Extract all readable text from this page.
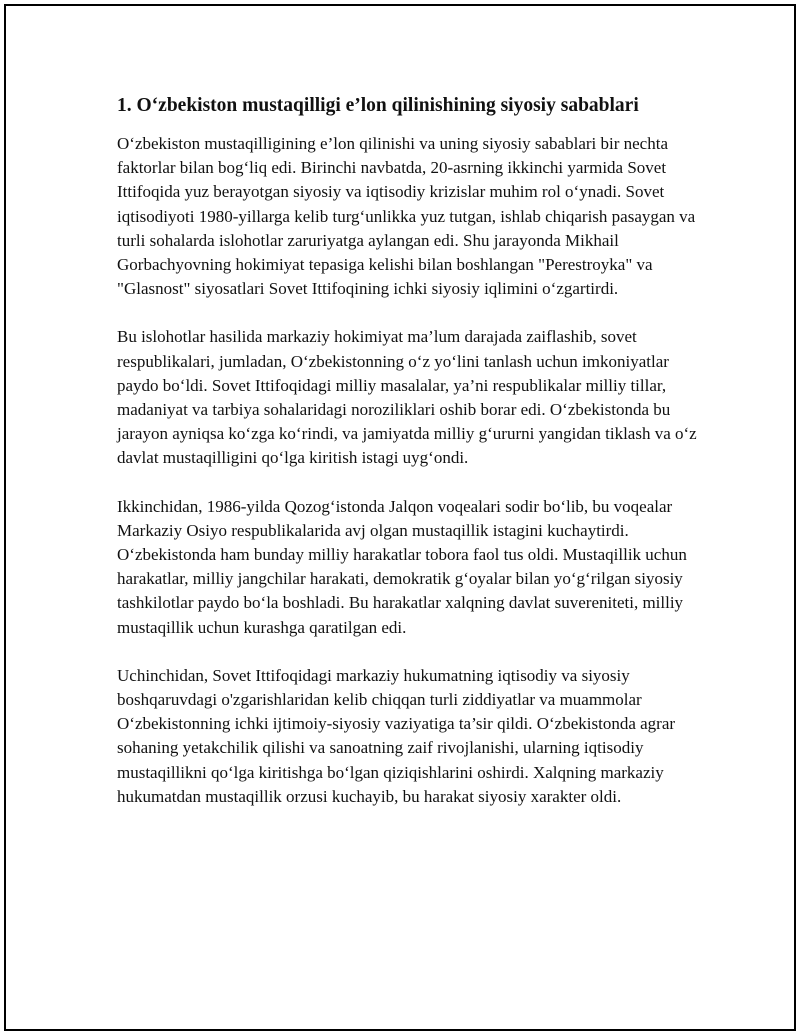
1. O‘zbekiston mustaqilligi e’lon qilinishining siyosiy sabablari

O‘zbekiston mustaqilligining e’lon qilinishi va uning siyosiy sabablari bir nechta faktorlar bilan bog‘liq edi. Birinchi navbatda, 20-asrning ikkinchi yarmida Sovet Ittifoqida yuz berayotgan siyosiy va iqtisodiy krizislar muhim rol o‘ynadi. Sovet iqtisodiyoti 1980-yillarga kelib turg‘unlikka yuz tutgan, ishlab chiqarish pasaygan va turli sohalarda islohotlar zaruriyatga aylangan edi. Shu jarayonda Mikhail Gorbachyovning hokimiyat tepasiga kelishi bilan boshlangan "Perestroyka" va "Glasnost" siyosatlari Sovet Ittifoqining ichki siyosiy iqlimini o‘zgartirdi.

Bu islohotlar hasilida markaziy hokimiyat ma’lum darajada zaiflashib, sovet respublikalari, jumladan, O‘zbekistonning o‘z yo‘lini tanlash uchun imkoniyatlar paydo bo‘ldi. Sovet Ittifoqidagi milliy masalalar, ya’ni respublikalar milliy tillar, madaniyat va tarbiya sohalaridagi noroziliklari oshib borar edi. O‘zbekistonda bu jarayon ayniqsa ko‘zga ko‘rindi, va jamiyatda milliy g‘ururni yangidan tiklash va o‘z davlat mustaqilligini qo‘lga kiritish istagi uyg‘ondi.

Ikkinchidan, 1986-yilda Qozog‘istonda Jalqon voqealari sodir bo‘lib, bu voqealar Markaziy Osiyo respublikalarida avj olgan mustaqillik istagini kuchaytirdi. O‘zbekistonda ham bunday milliy harakatlar tobora faol tus oldi. Mustaqillik uchun harakatlar, milliy jangchilar harakati, demokratik g‘oyalar bilan yo‘g‘rilgan siyosiy tashkilotlar paydo bo‘la boshladi. Bu harakatlar xalqning davlat suvereniteti, milliy mustaqillik uchun kurashga qaratilgan edi.

Uchinchidan, Sovet Ittifoqidagi markaziy hukumatning iqtisodiy va siyosiy boshqaruvdagi o'zgarishlaridan kelib chiqqan turli ziddiyatlar va muammolar O‘zbekistonning ichki ijtimoiy-siyosiy vaziyatiga ta’sir qildi. O‘zbekistonda agrar sohaning yetakchilik qilishi va sanoatning zaif rivojlanishi, ularning iqtisodiy mustaqillikni qo‘lga kiritishga bo‘lgan qiziqishlarini oshirdi. Xalqning markaziy hukumatdan mustaqillik orzusi kuchayib, bu harakat siyosiy xarakter oldi.
